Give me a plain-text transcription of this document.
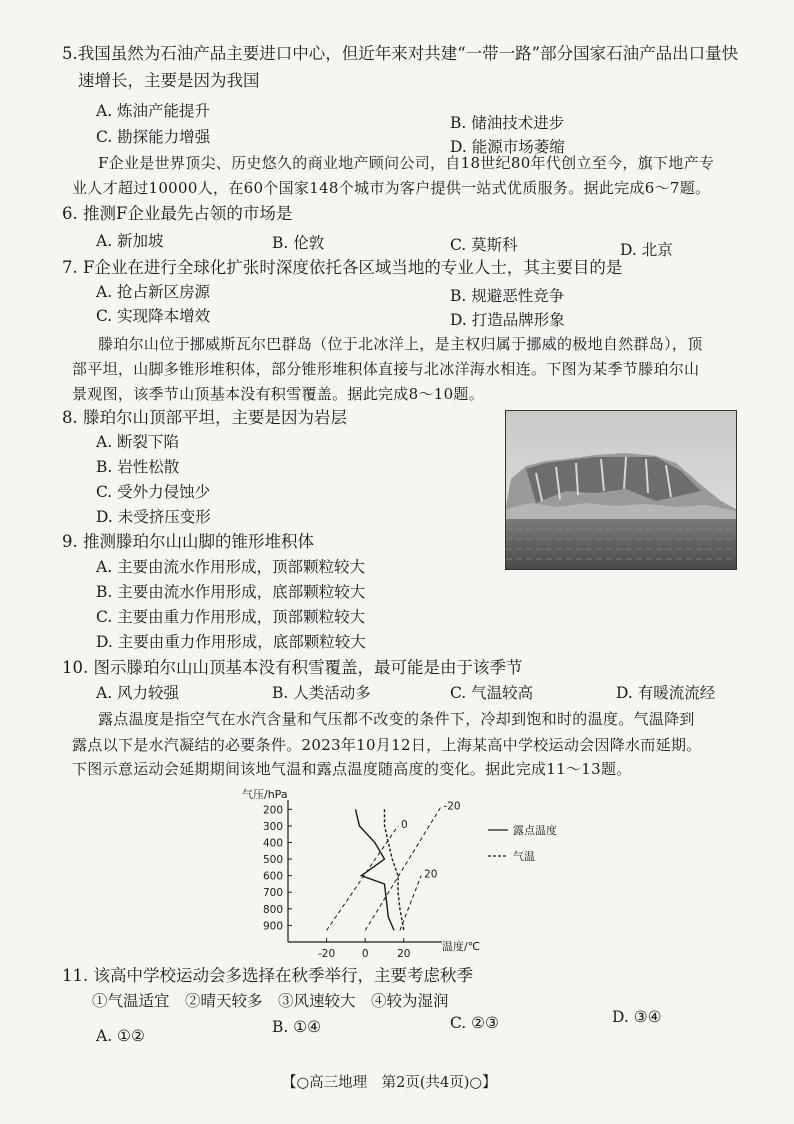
5.我国虽然为石油产品主要进口中心，但近年来对共建“一带一路”部分国家石油产品出口量快
速增长，主要是因为我国
A. 炼油产能提升
B. 储油技术进步
C. 勘探能力增强
D. 能源市场萎缩
F企业是世界顶尖、历史悠久的商业地产顾问公司，自18世纪80年代创立至今，旗下地产专
业人才超过10000人，在60个国家148个城市为客户提供一站式优质服务。据此完成6～7题。
6. 推测F企业最先占领的市场是
A. 新加坡	B. 伦敦	C. 莫斯科	D. 北京
7. F企业在进行全球化扩张时深度依托各区域当地的专业人士，其主要目的是
A. 抢占新区房源	B. 规避恶性竞争
C. 实现降本增效	D. 打造品牌形象
滕珀尔山位于挪威斯瓦尔巴群岛（位于北冰洋上，是主权归属于挪威的极地自然群岛），顶
部平坦，山脚多锥形堆积体，部分锥形堆积体直接与北冰洋海水相连。下图为某季节滕珀尔山
景观图，该季节山顶基本没有积雪覆盖。据此完成8～10题。
8. 滕珀尔山顶部平坦，主要是因为岩层
A. 断裂下陷
B. 岩性松散
C. 受外力侵蚀少
D. 未受挤压变形
9. 推测滕珀尔山山脚的锥形堆积体
A. 主要由流水作用形成，顶部颗粒较大
B. 主要由流水作用形成，底部颗粒较大
C. 主要由重力作用形成，顶部颗粒较大
D. 主要由重力作用形成，底部颗粒较大
10. 图示滕珀尔山山顶基本没有积雪覆盖，最可能是由于该季节
A. 风力较强	B. 人类活动多	C. 气温较高	D. 有暖流流经
露点温度是指空气在水汽含量和气压都不改变的条件下，冷却到饱和时的温度。气温降到
露点以下是水汽凝结的必要条件。2023年10月12日，上海某高中学校运动会因降水而延期。
下图示意运动会延期期间该地气温和露点温度随高度的变化。据此完成11～13题。
气压/hPa
温度/℃
露点温度
气温
200
300
400
500
600
700
800
900
-20	0	20
-20
0
20
11. 该高中学校运动会多选择在秋季举行，主要考虑秋季
①气温适宜　②晴天较多　③风速较大　④较为湿润
A. ①②	B. ①④	C. ②③	D. ③④
【○高三地理　第2页(共4页)○】
